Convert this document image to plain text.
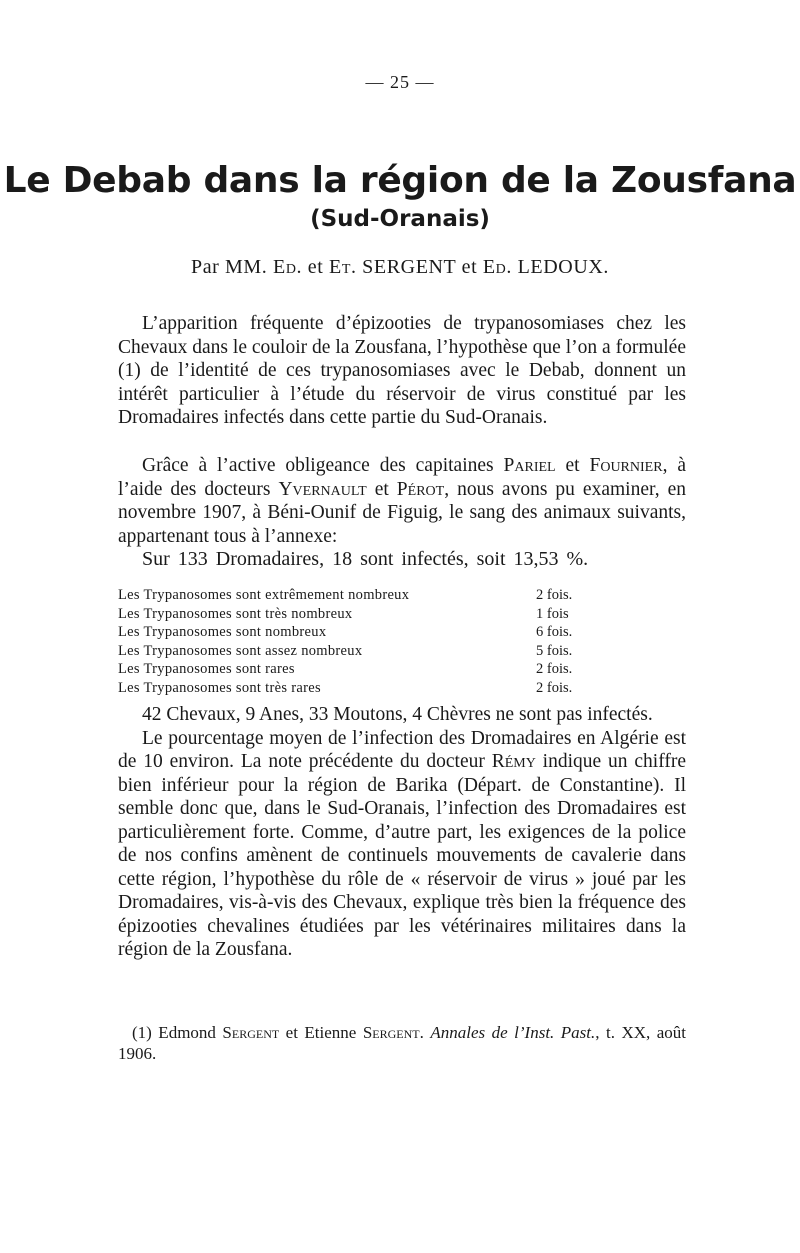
— 25 —
Le Debab dans la région de la Zousfana
(Sud-Oranais)
Par MM. Ed. et Et. SERGENT et Ed. LEDOUX.

L’apparition fréquente d’épizooties de trypanosomiases chez les Chevaux dans le couloir de la Zousfana, l’hypothèse que l’on a formulée (1) de l’identité de ces trypanosomiases avec le Debab, donnent un intérêt particulier à l’étude du réservoir de virus constitué par les Dromadaires infectés dans cette partie du Sud-Oranais.

Grâce à l’active obligeance des capitaines Pariel et Fournier, à l’aide des docteurs Yvernault et Pérot, nous avons pu examiner, en novembre 1907, à Béni-Ounif de Figuig, le sang des animaux suivants, appartenant tous à l’annexe:

Sur 133 Dromadaires, 18 sont infectés, soit 13,53 %.
Les Trypanosomes sont extrêmement nombreux	2 fois.
Les Trypanosomes sont très nombreux	1 fois
Les Trypanosomes sont nombreux	6 fois.
Les Trypanosomes sont assez nombreux	5 fois.
Les Trypanosomes sont rares	2 fois.
Les Trypanosomes sont très rares	2 fois.

42 Chevaux, 9 Anes, 33 Moutons, 4 Chèvres ne sont pas infectés.

Le pourcentage moyen de l’infection des Dromadaires en Algérie est de 10 environ. La note précédente du docteur Rémy indique un chiffre bien inférieur pour la région de Barika (Départ. de Constantine). Il semble donc que, dans le Sud-Oranais, l’infection des Dromadaires est particulièrement forte. Comme, d’autre part, les exigences de la police de nos confins amènent de continuels mouvements de cavalerie dans cette région, l’hypothèse du rôle de « réservoir de virus » joué par les Dromadaires, vis-à-vis des Chevaux, explique très bien la fréquence des épizooties chevalines étudiées par les vétérinaires militaires dans la région de la Zousfana.

(1) Edmond Sergent et Etienne Sergent. Annales de l’Inst. Past., t. XX, août 1906.
